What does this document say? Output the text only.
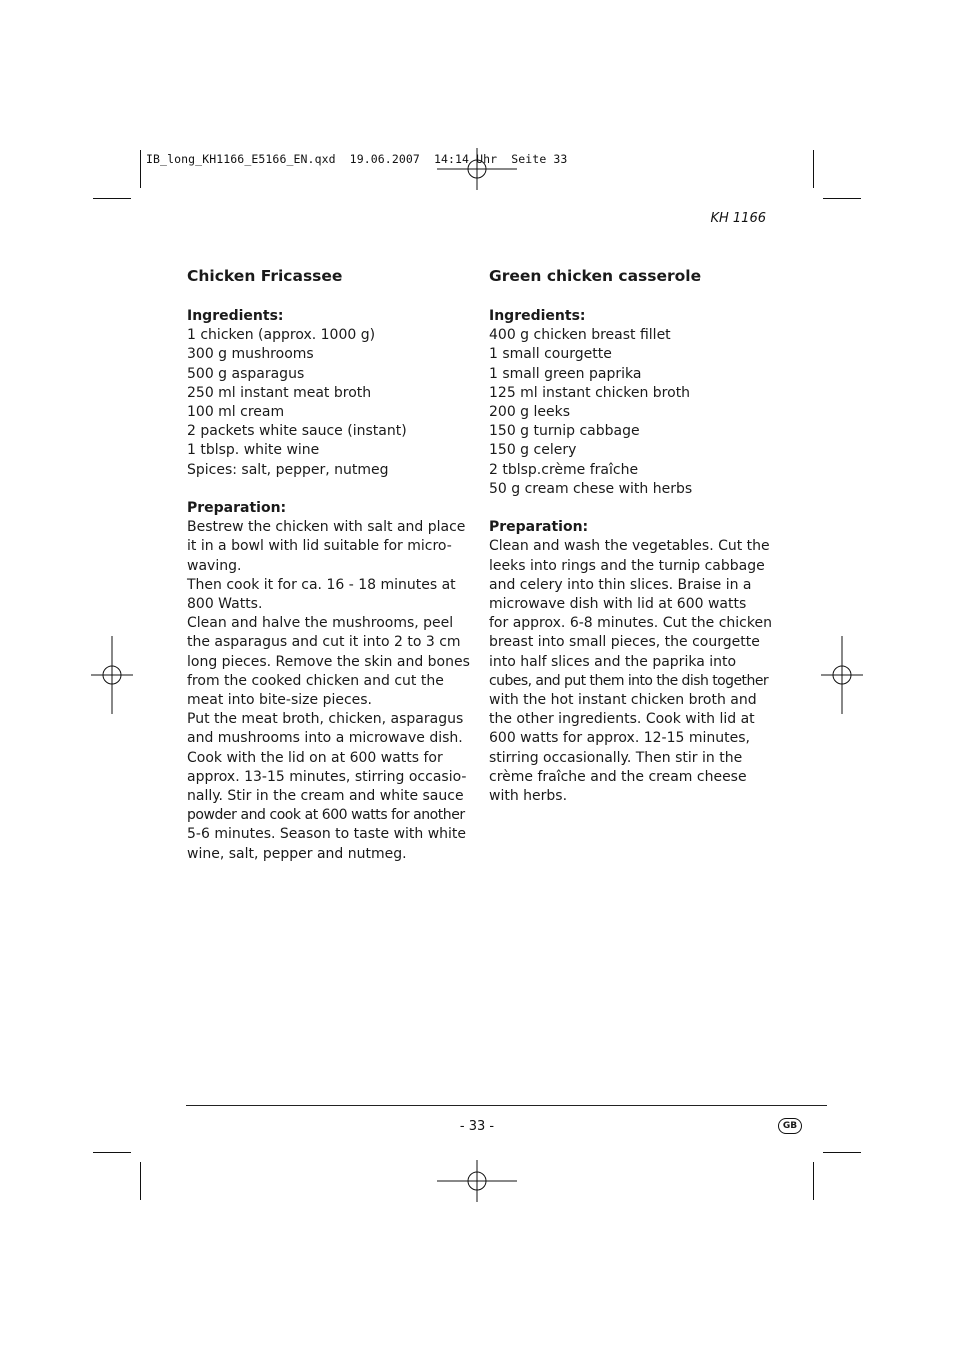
IB_long_KH1166_E5166_EN.qxd  19.06.2007  14:14 Uhr  Seite 33
KH 1166
Chicken Fricassee

Ingredients:

1 chicken (approx. 1000 g)

300 g mushrooms

500 g asparagus

250 ml instant meat broth

100 ml cream

2 packets white sauce (instant)

1 tblsp. white wine

Spices: salt, pepper, nutmeg

Preparation:

Bestrew the chicken with salt and place

it in a bowl with lid suitable for micro-

waving.

Then cook it for ca. 16 - 18 minutes at

800 Watts.

Clean and halve the mushrooms, peel

the asparagus and cut it into 2 to 3 cm

long pieces. Remove the skin and bones

from the cooked chicken and cut the

meat into bite-size pieces.

Put the meat broth, chicken, asparagus

and mushrooms into a microwave dish.

Cook with the lid on at 600 watts for

approx. 13-15 minutes, stirring occasio-

nally. Stir in the cream and white sauce

powder and cook at 600 watts for another

5-6 minutes. Season to taste with white

wine, salt, pepper and nutmeg.

Green chicken casserole

Ingredients:

400 g chicken breast fillet

1 small courgette

1 small green paprika

125 ml instant chicken broth

200 g leeks

150 g turnip cabbage

150 g celery

2 tblsp.crème fraîche

50 g cream chese with herbs

Preparation:

Clean and wash the vegetables. Cut the

leeks into rings and the turnip cabbage

and celery into thin slices. Braise in a

microwave dish with lid at 600 watts

for approx. 6-8 minutes. Cut the chicken

breast into small pieces, the courgette

into half slices and the paprika into

cubes, and put them into the dish together

with the hot instant chicken broth and

the other ingredients. Cook with lid at

600 watts for approx. 12-15 minutes,

stirring occasionally. Then stir in the

crème fraîche and the cream cheese

with herbs.

- 33 -	GB
